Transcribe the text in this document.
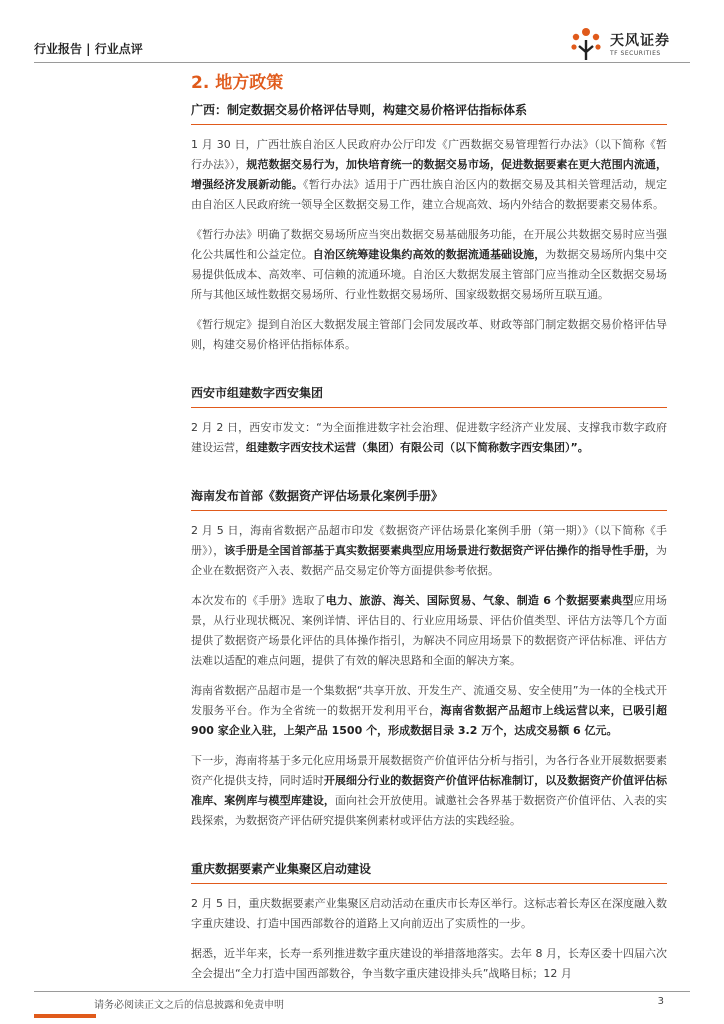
行业报告 | 行业点评	天风证券
TF SECURITIES
2. 地方政策
广西：制定数据交易价格评估导则，构建交易价格评估指标体系

1 月 30 日，广西壮族自治区人民政府办公厅印发《广西数据交易管理暂行办法》（以下简称《暂行办法》），规范数据交易行为，加快培育统一的数据交易市场，促进数据要素在更大范围内流通，增强经济发展新动能。《暂行办法》适用于广西壮族自治区内的数据交易及其相关管理活动，规定由自治区人民政府统一领导全区数据交易工作，建立合规高效、场内外结合的数据要素交易体系。

《暂行办法》明确了数据交易场所应当突出数据交易基础服务功能，在开展公共数据交易时应当强化公共属性和公益定位。自治区统筹建设集约高效的数据流通基础设施，为数据交易场所内集中交易提供低成本、高效率、可信赖的流通环境。自治区大数据发展主管部门应当推动全区数据交易场所与其他区域性数据交易场所、行业性数据交易场所、国家级数据交易场所互联互通。

《暂行规定》提到自治区大数据发展主管部门会同发展改革、财政等部门制定数据交易价格评估导则，构建交易价格评估指标体系。

西安市组建数字西安集团

2 月 2 日，西安市发文：“为全面推进数字社会治理、促进数字经济产业发展、支撑我市数字政府建设运营，组建数字西安技术运营（集团）有限公司（以下简称数字西安集团）”。

海南发布首部《数据资产评估场景化案例手册》

2 月 5 日，海南省数据产品超市印发《数据资产评估场景化案例手册（第一期）》（以下简称《手册》），该手册是全国首部基于真实数据要素典型应用场景进行数据资产评估操作的指导性手册，为企业在数据资产入表、数据产品交易定价等方面提供参考依据。

本次发布的《手册》选取了电力、旅游、海关、国际贸易、气象、制造 6 个数据要素典型应用场景，从行业现状概况、案例详情、评估目的、行业应用场景、评估价值类型、评估方法等几个方面提供了数据资产场景化评估的具体操作指引，为解决不同应用场景下的数据资产评估标准、评估方法难以适配的难点问题，提供了有效的解决思路和全面的解决方案。

海南省数据产品超市是一个集数据“共享开放、开发生产、流通交易、安全使用”为一体的全栈式开发服务平台。作为全省统一的数据开发利用平台，海南省数据产品超市上线运营以来，已吸引超 900 家企业入驻，上架产品 1500 个，形成数据目录 3.2 万个，达成交易额 6 亿元。

下一步，海南将基于多元化应用场景开展数据资产价值评估分析与指引，为各行各业开展数据要素资产化提供支持，同时适时开展细分行业的数据资产价值评估标准制订，以及数据资产价值评估标准库、案例库与模型库建设，面向社会开放使用。诚邀社会各界基于数据资产价值评估、入表的实践探索，为数据资产评估研究提供案例素材或评估方法的实践经验。

重庆数据要素产业集聚区启动建设

2 月 5 日，重庆数据要素产业集聚区启动活动在重庆市长寿区举行。这标志着长寿区在深度融入数字重庆建设、打造中国西部数谷的道路上又向前迈出了实质性的一步。

据悉，近半年来，长寿一系列推进数字重庆建设的举措落地落实。去年 8 月，长寿区委十四届六次全会提出“全力打造中国西部数谷，争当数字重庆建设排头兵”战略目标；12 月

请务必阅读正文之后的信息披露和免责申明	3
